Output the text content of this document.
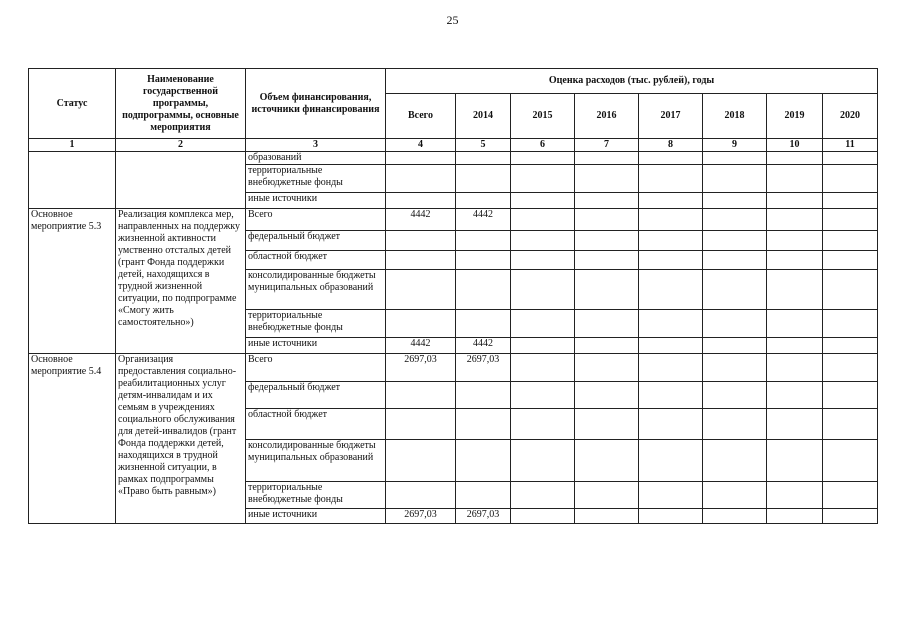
25
Статус	Наименование государственной программы, подпрограммы, основные мероприятия	Объем финансирования, источники финансирования	Оценка расходов (тыс. рублей), годы							
			Всего	2014	2015	2016	2017	2018	2019	2020
1	2	3	4	5	6	7	8	9	10	11
		образований								
		территориальные внебюджетные фонды								
		иные источники								
Основное мероприятие 5.3	Реализация комплекса мер, направленных на поддержку жизненной активности умственно отсталых детей (грант Фонда поддержки детей, находящихся в трудной жизненной ситуации, по подпрограмме «Смогу жить самостоятельно»)	Всего	4442	4442						
		федеральный бюджет								
		областной бюджет								
		консолидированные бюджеты муниципальных образований								
		территориальные внебюджетные фонды								
		иные источники	4442	4442						
Основное мероприятие 5.4	Организация предоставления социально-реабилитационных услуг детям-инвалидам и их семьям в учреждениях социального обслуживания для детей-инвалидов (грант Фонда поддержки детей, находящихся в трудной жизненной ситуации, в рамках подпрограммы «Право быть равным»)	Всего	2697,03	2697,03						
		федеральный бюджет								
		областной бюджет								
		консолидированные бюджеты муниципальных образований								
		территориальные внебюджетные фонды								
		иные источники	2697,03	2697,03						
